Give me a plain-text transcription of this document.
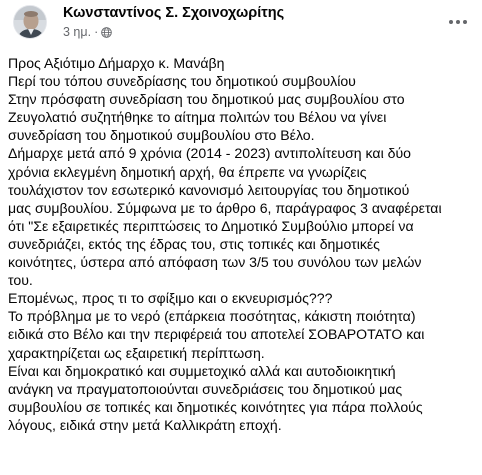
Κωνσταντίνος Σ. Σχοινοχωρίτης
3 ημ. ·
Προς Αξιότιμο Δήμαρχο κ. Μανάβη
Περί του τόπου συνεδρίασης του δημοτικού συμβουλίου
Στην πρόσφατη συνεδρίαση του δημοτικού μας συμβουλίου στο
Ζευγολατιό συζητήθηκε το αίτημα πολιτών του Βέλου να γίνει
συνεδρίαση του δημοτικού συμβουλίου στο Βέλο.
Δήμαρχε μετά από 9 χρόνια (2014 - 2023) αντιπολίτευση και δύο
χρόνια εκλεγμένη δημοτική αρχή, θα έπρεπε να γνωρίζεις
τουλάχιστον τον εσωτερικό κανονισμό λειτουργίας του δημοτικού
μας συμβουλίου. Σύμφωνα με το άρθρο 6, παράγραφος 3 αναφέρεται
ότι "Σε εξαιρετικές περιπτώσεις το Δημοτικό Συμβούλιο μπορεί να
συνεδριάζει, εκτός της έδρας του, στις τοπικές και δημοτικές
κοινότητες, ύστερα από απόφαση των 3/5 του συνόλου των μελών
του.
Επομένως, προς τι το σφίξιμο και ο εκνευρισμός???
Το πρόβλημα με το νερό (επάρκεια ποσότητας, κάκιστη ποιότητα)
ειδικά στο Βέλο και την περιφέρειά του αποτελεί ΣΟΒΑΡΟΤΑΤΟ και
χαρακτηρίζεται ως εξαιρετική περίπτωση.
Είναι και δημοκρατικό και συμμετοχικό αλλά και αυτοδιοικητική
ανάγκη να πραγματοποιούνται συνεδριάσεις του δημοτικού μας
συμβουλίου σε τοπικές και δημοτικές κοινότητες για πάρα πολλούς
λόγους, ειδικά στην μετά Καλλικράτη εποχή.
